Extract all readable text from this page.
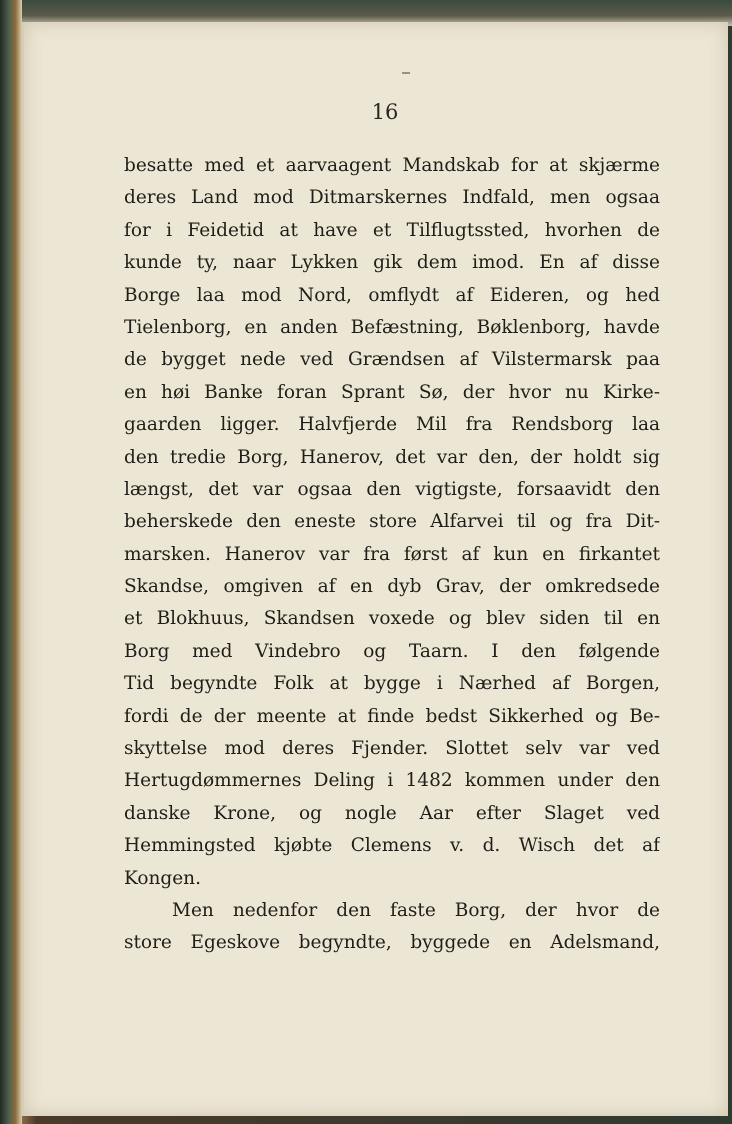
16
besatte med et aarvaagent Mandskab for at skjærme
deres Land mod Ditmarskernes Indfald, men ogsaa
for i Feidetid at have et Tilflugtssted, hvorhen de
kunde ty, naar Lykken gik dem imod. En af disse
Borge laa mod Nord, omflydt af Eideren, og hed
Tielenborg, en anden Befæstning, Bøklenborg, havde
de bygget nede ved Grændsen af Vilstermarsk paa
en høi Banke foran Sprant Sø, der hvor nu Kirke-
gaarden ligger. Halvfjerde Mil fra Rendsborg laa
den tredie Borg, Hanerov, det var den, der holdt sig
længst, det var ogsaa den vigtigste, forsaavidt den
beherskede den eneste store Alfarvei til og fra Dit-
marsken. Hanerov var fra først af kun en firkantet
Skandse, omgiven af en dyb Grav, der omkredsede
et Blokhuus, Skandsen voxede og blev siden til en
Borg med Vindebro og Taarn. I den følgende
Tid begyndte Folk at bygge i Nærhed af Borgen,
fordi de der meente at finde bedst Sikkerhed og Be-
skyttelse mod deres Fjender. Slottet selv var ved
Hertugdømmernes Deling i 1482 kommen under den
danske Krone, og nogle Aar efter Slaget ved
Hemmingsted kjøbte Clemens v. d. Wisch det af
Kongen.
Men nedenfor den faste Borg, der hvor de
store Egeskove begyndte, byggede en Adelsmand,
